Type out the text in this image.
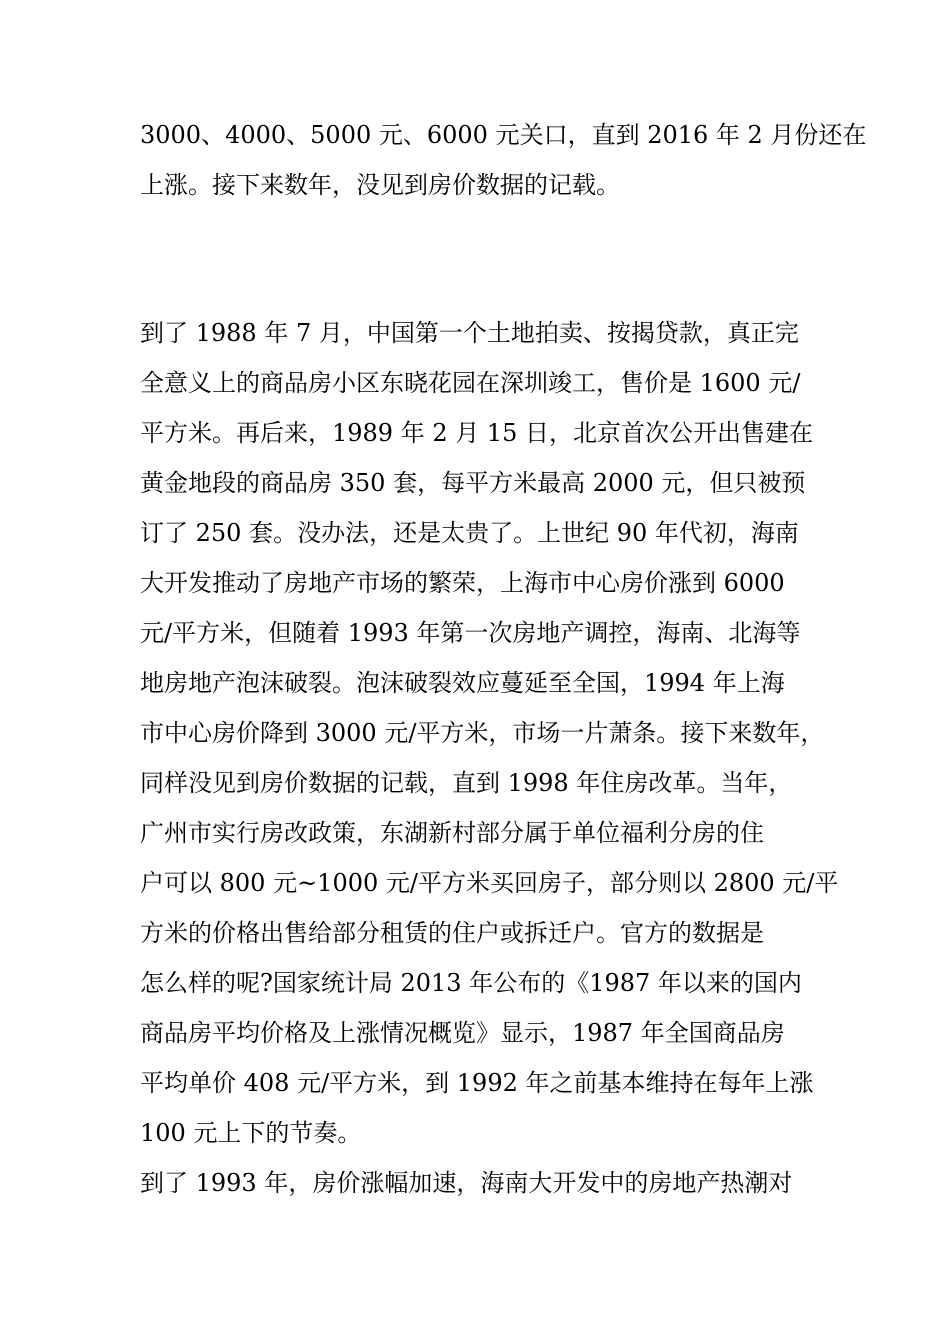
3000、4000、5000 元、6000 元关口，直到 2016 年 2 月份还在
上涨。接下来数年，没见到房价数据的记载。
到了 1988 年 7 月，中国第一个土地拍卖、按揭贷款，真正完
全意义上的商品房小区东晓花园在深圳竣工，售价是 1600 元/
平方米。再后来，1989 年 2 月 15 日，北京首次公开出售建在
黄金地段的商品房 350 套，每平方米最高 2000 元，但只被预
订了 250 套。没办法，还是太贵了。上世纪 90 年代初，海南
大开发推动了房地产市场的繁荣，上海市中心房价涨到 6000
元/平方米，但随着 1993 年第一次房地产调控，海南、北海等
地房地产泡沫破裂。泡沫破裂效应蔓延至全国，1994 年上海
市中心房价降到 3000 元/平方米，市场一片萧条。接下来数年，
同样没见到房价数据的记载，直到 1998 年住房改革。当年，
广州市实行房改政策，东湖新村部分属于单位福利分房的住
户可以 800 元~1000 元/平方米买回房子，部分则以 2800 元/平
方米的价格出售给部分租赁的住户或拆迁户。官方的数据是
怎么样的呢?国家统计局 2013 年公布的《1987 年以来的国内
商品房平均价格及上涨情况概览》显示，1987 年全国商品房
平均单价 408 元/平方米，到 1992 年之前基本维持在每年上涨
100 元上下的节奏。
到了 1993 年，房价涨幅加速，海南大开发中的房地产热潮对
